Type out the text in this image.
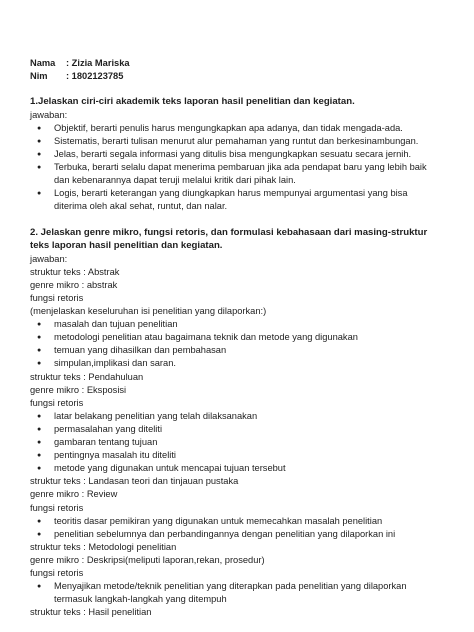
Nama : Zizia Mariska
Nim : 1802123785
1.Jelaskan ciri-ciri akademik teks laporan hasil penelitian dan kegiatan.
jawaban:
● Objektif, berarti penulis harus mengungkapkan apa adanya, dan tidak mengada-ada.
● Sistematis, berarti tulisan menurut alur pemahaman yang runtut dan berkesinambungan.
● Jelas, berarti segala informasi yang ditulis bisa mengungkapkan sesuatu secara jernih.
● Terbuka, berarti selalu dapat menerima pembaruan jika ada pendapat baru yang lebih baik dan kebenarannya dapat teruji melalui kritik dari pihak lain.
● Logis, berarti keterangan yang diungkapkan harus mempunyai argumentasi yang bisa diterima oleh akal sehat, runtut, dan nalar.
2. Jelaskan genre mikro, fungsi retoris, dan formulasi kebahasaan dari masing-struktur teks laporan hasil penelitian dan kegiatan.
jawaban:
struktur teks : Abstrak
genre mikro : abstrak
fungsi retoris
(menjelaskan keseluruhan isi penelitian yang dilaporkan:)
● masalah dan tujuan penelitian
● metodologi penelitian atau bagaimana teknik dan metode yang digunakan
● temuan yang dihasilkan dan pembahasan
● simpulan,implikasi dan saran.
struktur teks : Pendahuluan
genre mikro : Eksposisi
fungsi retoris
● latar belakang penelitian yang telah dilaksanakan
● permasalahan yang diteliti
● gambaran tentang tujuan
● pentingnya masalah itu diteliti
● metode yang digunakan untuk mencapai tujuan tersebut
struktur teks : Landasan teori dan tinjauan pustaka
genre mikro : Review
fungsi retoris
● teoritis dasar pemikiran yang digunakan untuk memecahkan masalah penelitian
● penelitian sebelumnya dan perbandingannya dengan penelitian yang dilaporkan ini
struktur teks : Metodologi penelitian
genre mikro : Deskripsi(meliputi laporan,rekan, prosedur)
fungsi retoris
● Menyajikan metode/teknik penelitian yang diterapkan pada penelitian yang dilaporkan termasuk langkah-langkah yang ditempuh
struktur teks : Hasil penelitian
